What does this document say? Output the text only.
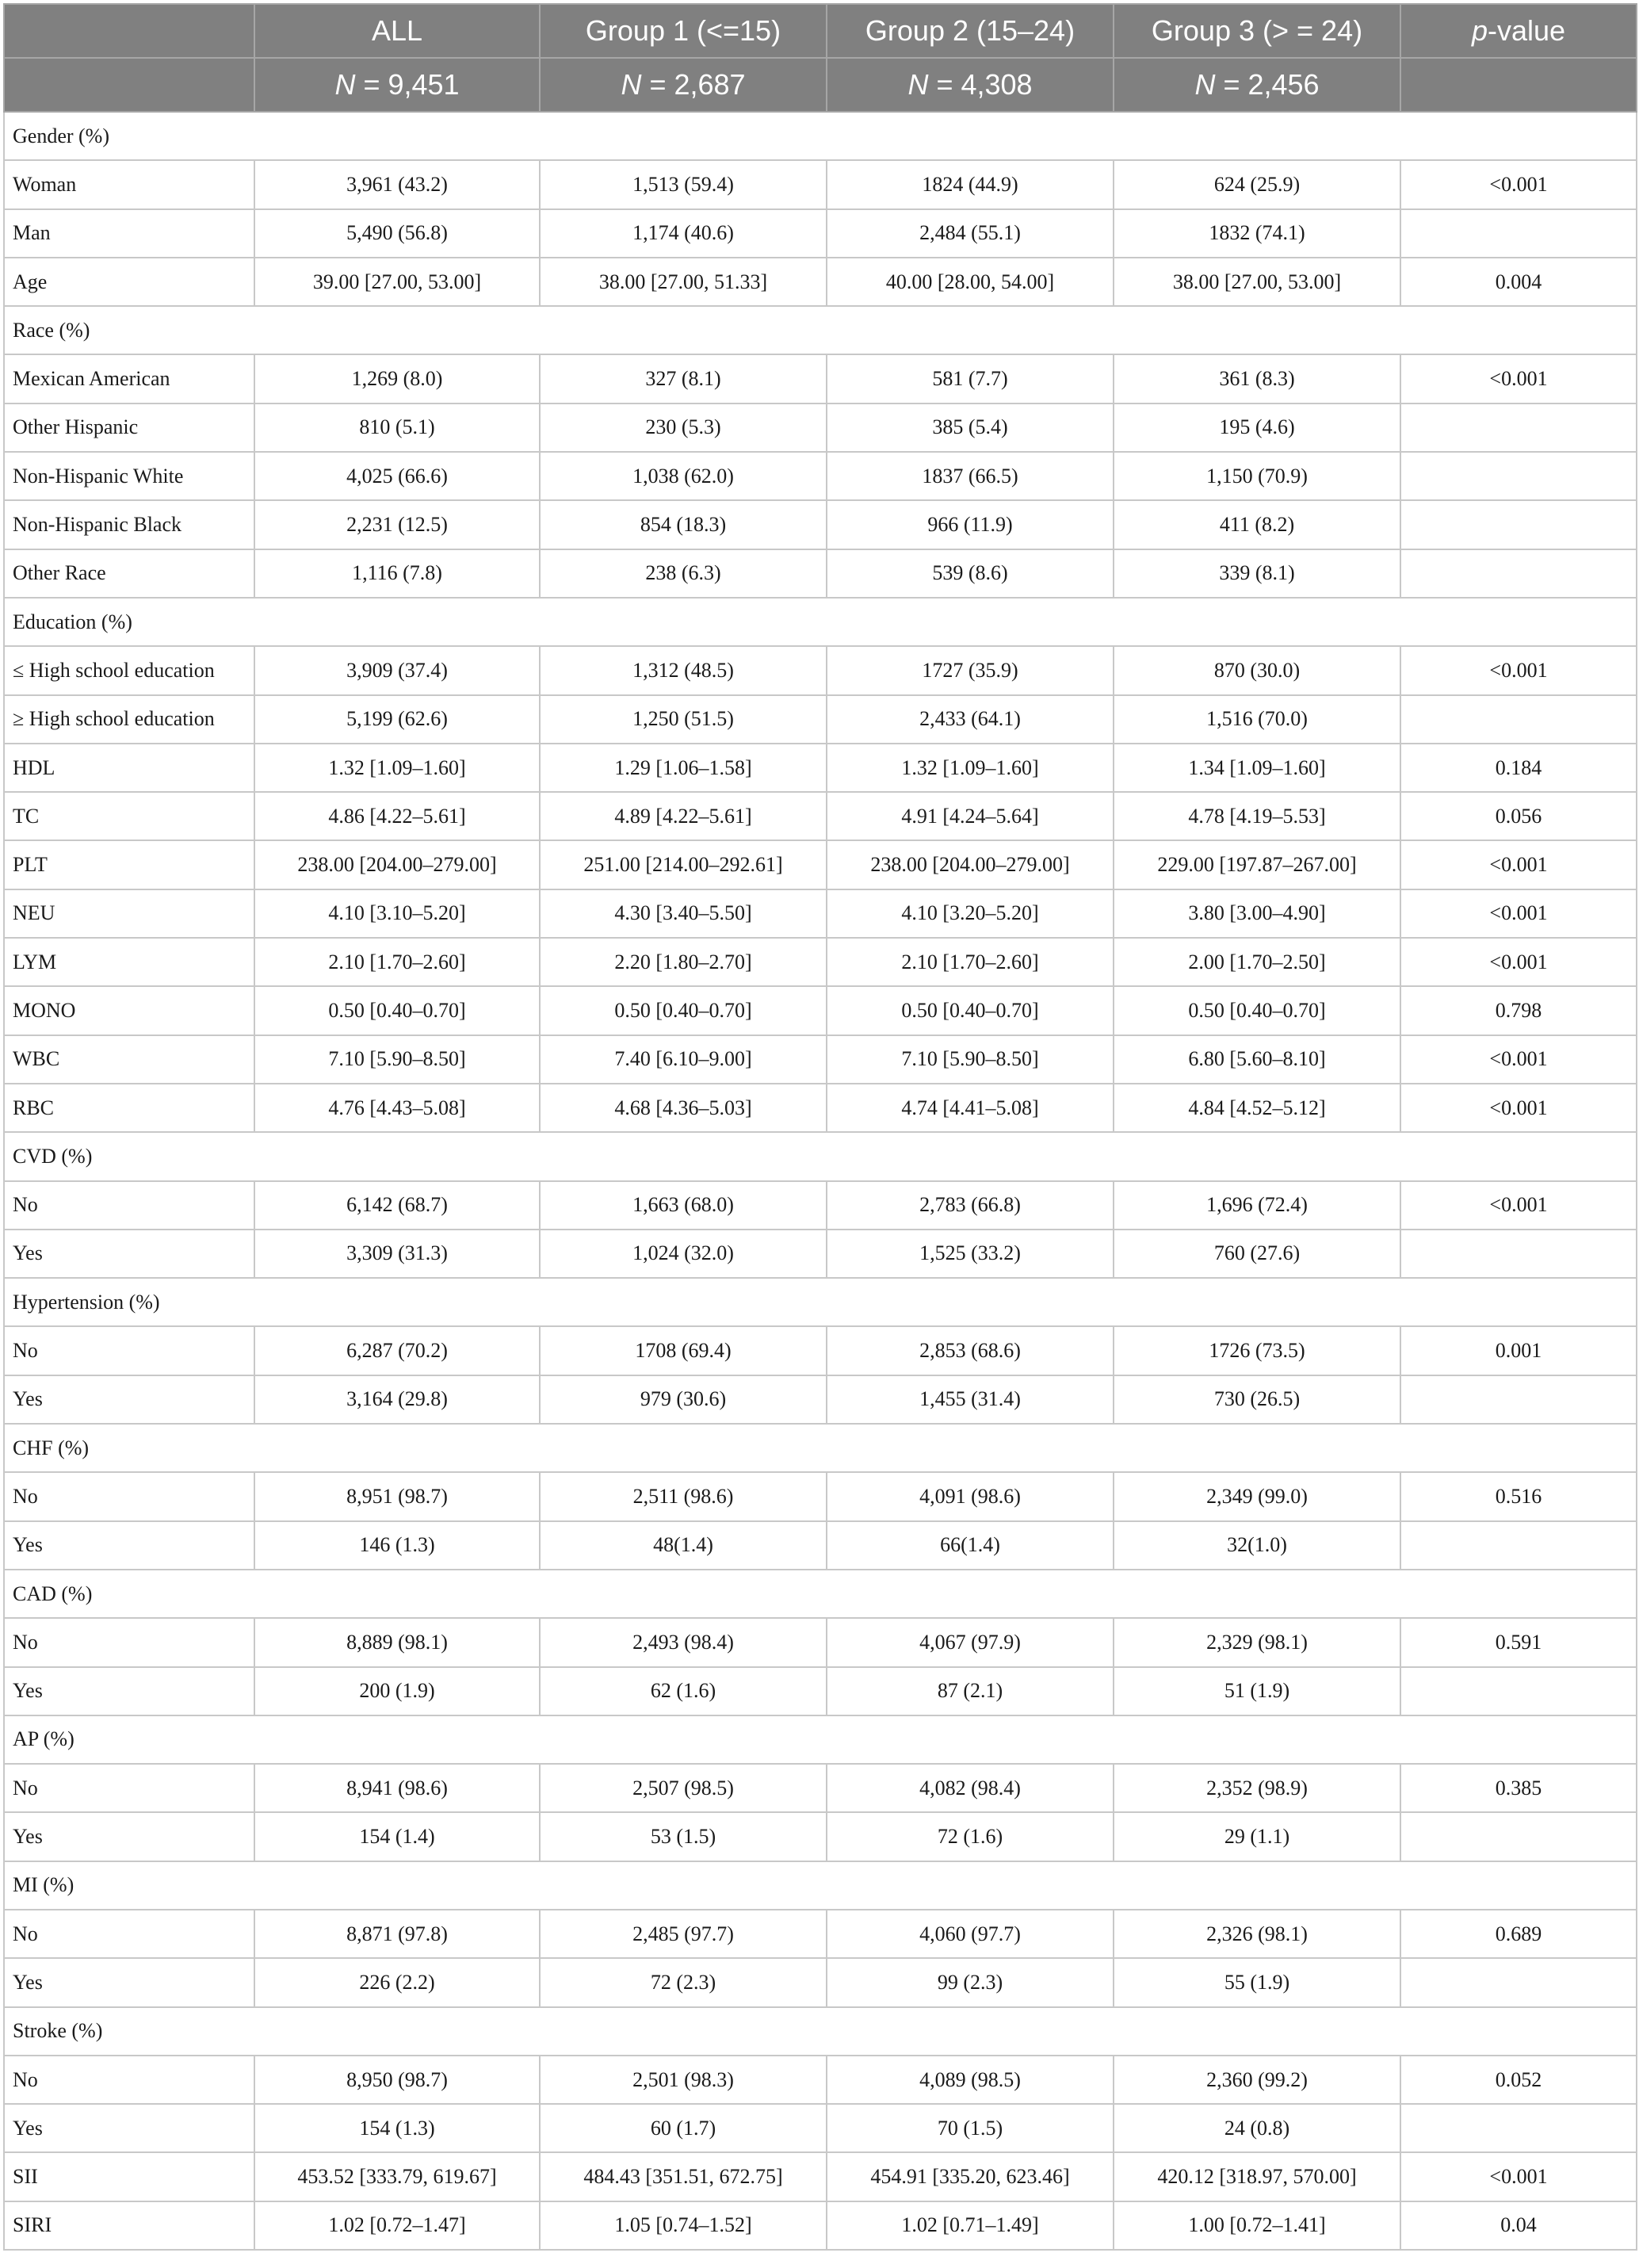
	ALL	Group 1 (<=15)	Group 2 (15–24)	Group 3 (> = 24)	p-value
	N = 9,451	N = 2,687	N = 4,308	N = 2,456	
Gender (%)					
Woman	3,961 (43.2)	1,513 (59.4)	1824 (44.9)	624 (25.9)	<0.001
Man	5,490 (56.8)	1,174 (40.6)	2,484 (55.1)	1832 (74.1)	
Age	39.00 [27.00, 53.00]	38.00 [27.00, 51.33]	40.00 [28.00, 54.00]	38.00 [27.00, 53.00]	0.004
Race (%)					
Mexican American	1,269 (8.0)	327 (8.1)	581 (7.7)	361 (8.3)	<0.001
Other Hispanic	810 (5.1)	230 (5.3)	385 (5.4)	195 (4.6)	
Non-Hispanic White	4,025 (66.6)	1,038 (62.0)	1837 (66.5)	1,150 (70.9)	
Non-Hispanic Black	2,231 (12.5)	854 (18.3)	966 (11.9)	411 (8.2)	
Other Race	1,116 (7.8)	238 (6.3)	539 (8.6)	339 (8.1)	
Education (%)					
≤ High school education	3,909 (37.4)	1,312 (48.5)	1727 (35.9)	870 (30.0)	<0.001
≥ High school education	5,199 (62.6)	1,250 (51.5)	2,433 (64.1)	1,516 (70.0)	
HDL	1.32 [1.09–1.60]	1.29 [1.06–1.58]	1.32 [1.09–1.60]	1.34 [1.09–1.60]	0.184
TC	4.86 [4.22–5.61]	4.89 [4.22–5.61]	4.91 [4.24–5.64]	4.78 [4.19–5.53]	0.056
PLT	238.00 [204.00–279.00]	251.00 [214.00–292.61]	238.00 [204.00–279.00]	229.00 [197.87–267.00]	<0.001
NEU	4.10 [3.10–5.20]	4.30 [3.40–5.50]	4.10 [3.20–5.20]	3.80 [3.00–4.90]	<0.001
LYM	2.10 [1.70–2.60]	2.20 [1.80–2.70]	2.10 [1.70–2.60]	2.00 [1.70–2.50]	<0.001
MONO	0.50 [0.40–0.70]	0.50 [0.40–0.70]	0.50 [0.40–0.70]	0.50 [0.40–0.70]	0.798
WBC	7.10 [5.90–8.50]	7.40 [6.10–9.00]	7.10 [5.90–8.50]	6.80 [5.60–8.10]	<0.001
RBC	4.76 [4.43–5.08]	4.68 [4.36–5.03]	4.74 [4.41–5.08]	4.84 [4.52–5.12]	<0.001
CVD (%)					
No	6,142 (68.7)	1,663 (68.0)	2,783 (66.8)	1,696 (72.4)	<0.001
Yes	3,309 (31.3)	1,024 (32.0)	1,525 (33.2)	760 (27.6)	
Hypertension (%)					
No	6,287 (70.2)	1708 (69.4)	2,853 (68.6)	1726 (73.5)	0.001
Yes	3,164 (29.8)	979 (30.6)	1,455 (31.4)	730 (26.5)	
CHF (%)					
No	8,951 (98.7)	2,511 (98.6)	4,091 (98.6)	2,349 (99.0)	0.516
Yes	146 (1.3)	48(1.4)	66(1.4)	32(1.0)	
CAD (%)					
No	8,889 (98.1)	2,493 (98.4)	4,067 (97.9)	2,329 (98.1)	0.591
Yes	200 (1.9)	62 (1.6)	87 (2.1)	51 (1.9)	
AP (%)					
No	8,941 (98.6)	2,507 (98.5)	4,082 (98.4)	2,352 (98.9)	0.385
Yes	154 (1.4)	53 (1.5)	72 (1.6)	29 (1.1)	
MI (%)					
No	8,871 (97.8)	2,485 (97.7)	4,060 (97.7)	2,326 (98.1)	0.689
Yes	226 (2.2)	72 (2.3)	99 (2.3)	55 (1.9)	
Stroke (%)					
No	8,950 (98.7)	2,501 (98.3)	4,089 (98.5)	2,360 (99.2)	0.052
Yes	154 (1.3)	60 (1.7)	70 (1.5)	24 (0.8)	
SII	453.52 [333.79, 619.67]	484.43 [351.51, 672.75]	454.91 [335.20, 623.46]	420.12 [318.97, 570.00]	<0.001
SIRI	1.02 [0.72–1.47]	1.05 [0.74–1.52]	1.02 [0.71–1.49]	1.00 [0.72–1.41]	0.04
